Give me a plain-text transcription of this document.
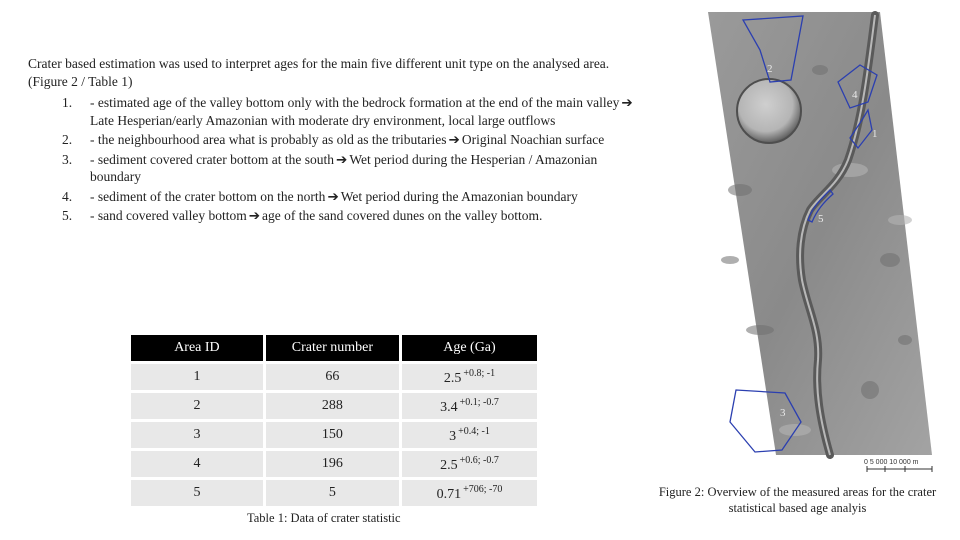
Crater based estimation was used to interpret ages for the main five different unit type on the analysed area. (Figure 2 / Table 1)

1. - estimated age of the valley bottom only with the bedrock formation at the end of the main valley ➔Late Hesperian/early Amazonian with moderate dry environment, local large outflows
2. - the neighbourhood area what is probably as old as the tributaries ➔ Original Noachian surface
3. - sediment covered crater bottom at the south ➔ Wet period during the Hesperian / Amazonian boundary
4. - sediment of the crater bottom on the north ➔ Wet period during the Amazonian boundary
5. - sand covered valley bottom ➔ age of the sand covered dunes on the valley bottom.
Area ID	Crater number	Age (Ga)
1	66	2.5 $^{+0.8; -1}$
2	288	3.4 $^{+0.1; -0.7}$
3	150	3 $^{+0.4; -1}$
4	196	2.5 $^{+0.6; -0.7}$
5	5	0.71 $^{+706; -70}$
Table 1: Data of crater statistic
2
4
1
5
3
0 5 000 10 000 m
Figure 2: Overview of the measured areas for the crater statistical based age analyis
